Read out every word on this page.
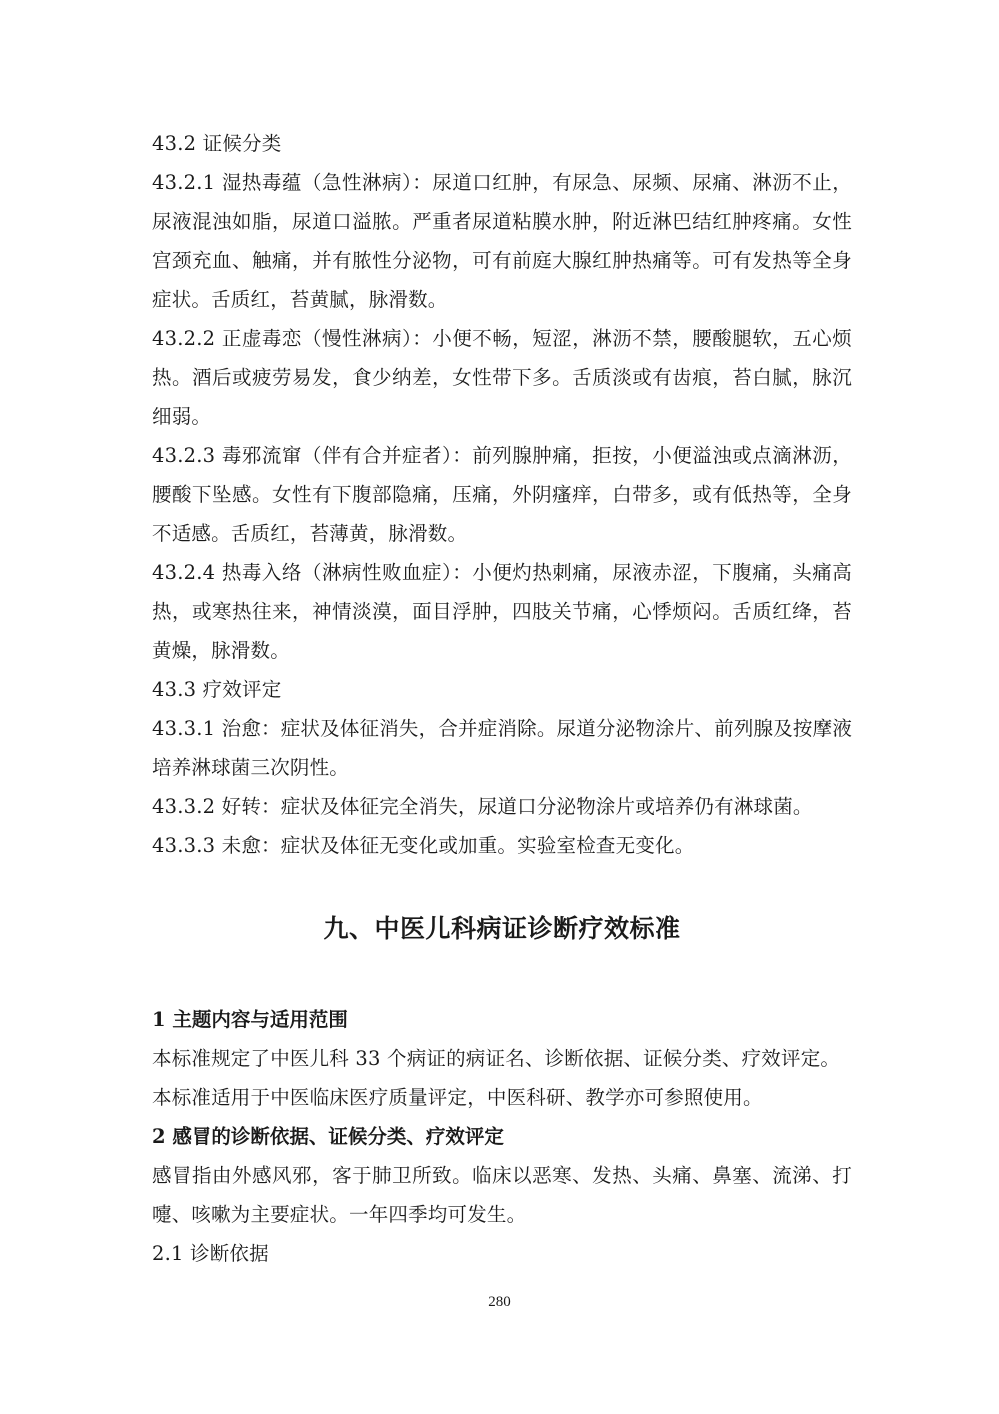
43.2 证候分类
43.2.1 湿热毒蕴（急性淋病）：尿道口红肿，有尿急、尿频、尿痛、淋沥不止，
尿液混浊如脂，尿道口溢脓。严重者尿道粘膜水肿，附近淋巴结红肿疼痛。女性
宫颈充血、触痛，并有脓性分泌物，可有前庭大腺红肿热痛等。可有发热等全身
症状。舌质红，苔黄腻，脉滑数。
43.2.2 正虚毒恋（慢性淋病）：小便不畅，短涩，淋沥不禁，腰酸腿软，五心烦
热。酒后或疲劳易发，食少纳差，女性带下多。舌质淡或有齿痕，苔白腻，脉沉
细弱。
43.2.3 毒邪流窜（伴有合并症者）：前列腺肿痛，拒按，小便溢浊或点滴淋沥，
腰酸下坠感。女性有下腹部隐痛，压痛，外阴瘙痒，白带多，或有低热等，全身
不适感。舌质红，苔薄黄，脉滑数。
43.2.4 热毒入络（淋病性败血症）：小便灼热刺痛，尿液赤涩，下腹痛，头痛高
热，或寒热往来，神情淡漠，面目浮肿，四肢关节痛，心悸烦闷。舌质红绛，苔
黄燥，脉滑数。
43.3 疗效评定
43.3.1 治愈：症状及体征消失，合并症消除。尿道分泌物涂片、前列腺及按摩液
培养淋球菌三次阴性。
43.3.2 好转：症状及体征完全消失，尿道口分泌物涂片或培养仍有淋球菌。
43.3.3 未愈：症状及体征无变化或加重。实验室检查无变化。
九、中医儿科病证诊断疗效标准
1 主题内容与适用范围
本标准规定了中医儿科 33 个病证的病证名、诊断依据、证候分类、疗效评定。
本标准适用于中医临床医疗质量评定，中医科研、教学亦可参照使用。
2 感冒的诊断依据、证候分类、疗效评定
感冒指由外感风邪，客于肺卫所致。临床以恶寒、发热、头痛、鼻塞、流涕、打
嚏、咳嗽为主要症状。一年四季均可发生。
2.1 诊断依据
280
